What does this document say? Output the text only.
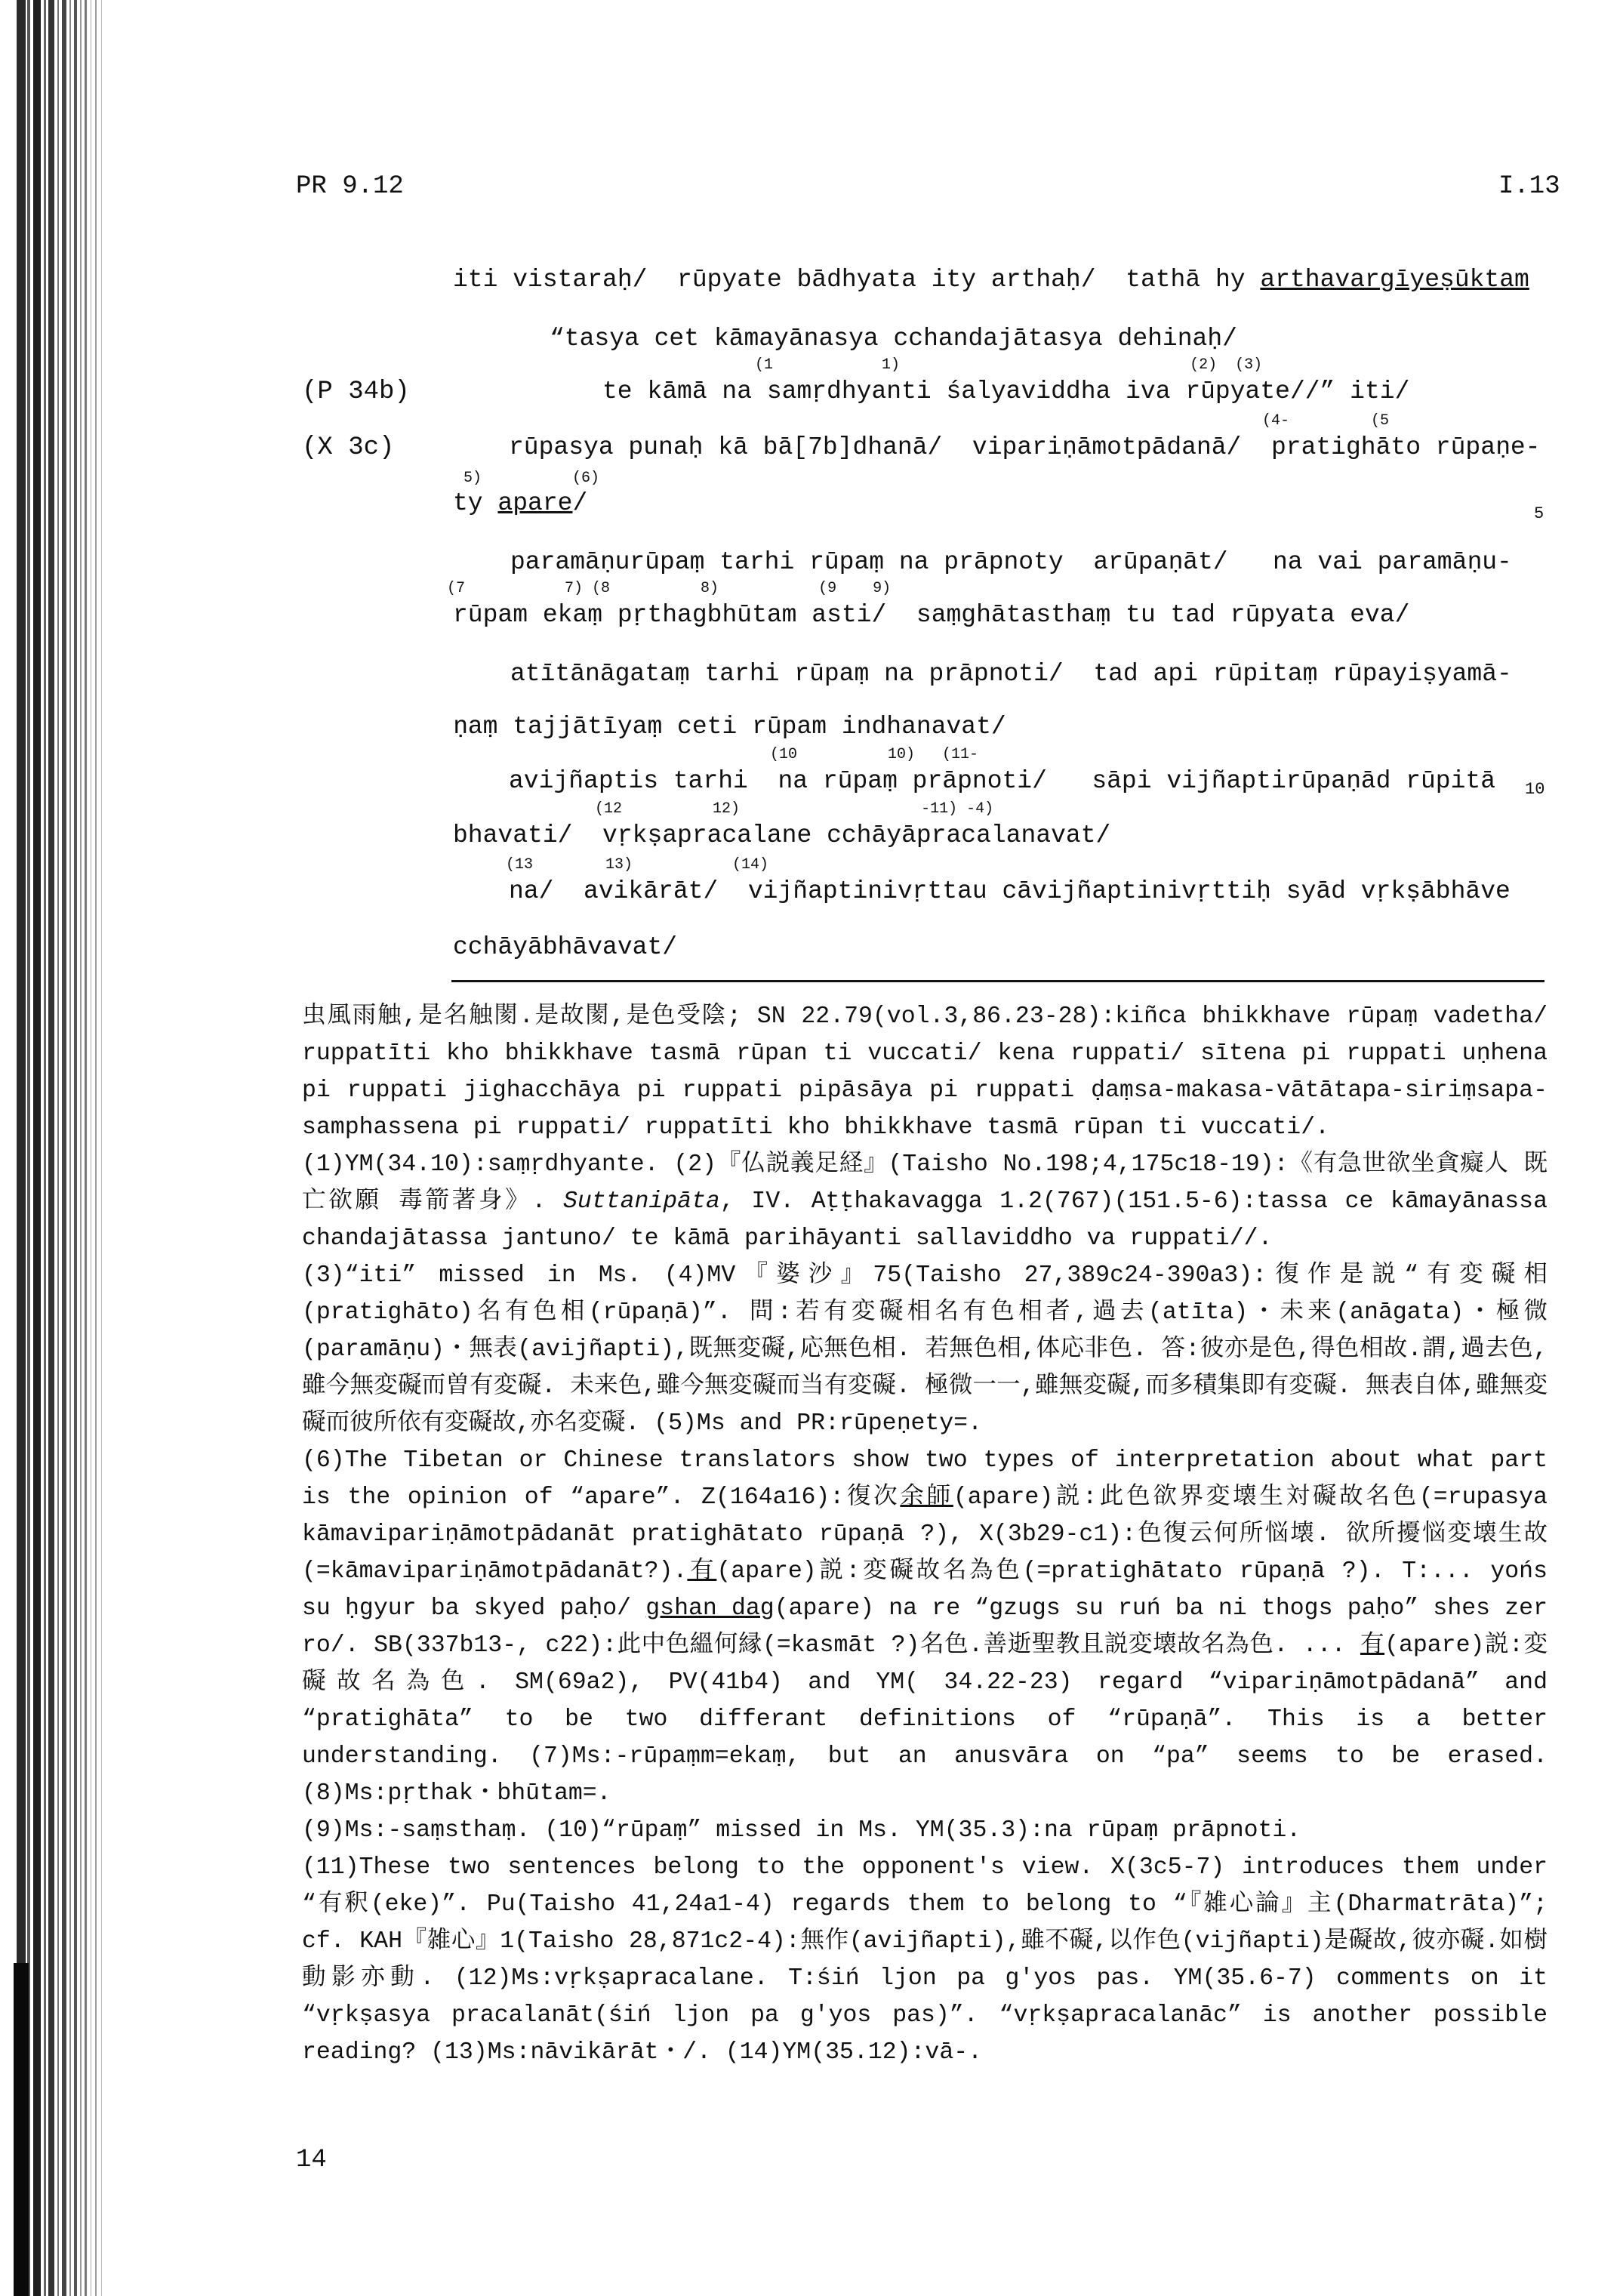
PR 9.12	I.13
(P 34b)
(X 3c)
5
10
iti vistaraḥ/  rūpyate bādhyata ity arthaḥ/  tathā hy arthavargīyeṣūktam
“tasya cet kāmayānasya cchandajātasya dehinaḥ/
(1            1)                                (2)  (3)
te kāmā na samṛdhyanti śalyaviddha iva rūpyate//” iti/
(4-         (5
rūpasya punaḥ kā bā[7b]dhanā/  vipariṇāmotpādanā/  pratighāto rūpaṇe-
5)          (6)
ty apare/
paramāṇurūpaṃ tarhi rūpaṃ na prāpnoty  arūpaṇāt/   na vai paramāṇu-
(7           7) (8          8)           (9    9)
rūpam ekaṃ pṛthagbhūtam asti/  saṃghātasthaṃ tu tad rūpyata eva/
atītānāgataṃ tarhi rūpaṃ na prāpnoti/  tad api rūpitaṃ rūpayiṣyamā-
ṇaṃ tajjātīyaṃ ceti rūpam indhanavat/
(10          10)   (11-
avijñaptis tarhi  na rūpaṃ prāpnoti/   sāpi vijñaptirūpaṇād rūpitā
(12          12)                    -11) -4)
bhavati/  vṛkṣapracalane cchāyāpracalanavat/
(13        13)           (14)
na/  avikārāt/  vijñaptinivṛttau cāvijñaptinivṛttiḥ syād vṛkṣābhāve
cchāyābhāvavat/

虫風雨触,是名触閡.是故閡,是色受陰; SN 22.79(vol.3,86.23-28):kiñca bhikkhave rūpaṃ vadetha/ ruppatīti kho bhikkhave tasmā rūpan ti vuccati/ kena ruppati/ sītena pi ruppati uṇhena pi ruppati jighacchāya pi ruppati pipāsāya pi ruppati ḍaṃsa-makasa-vātātapa-siriṃsapa-samphassena pi ruppati/ ruppatīti kho bhikkhave tasmā rūpan ti vuccati/.

(1)YM(34.10):saṃṛdhyante. (2)『仏説義足経』(Taisho No.198;4,175c18-19):《有急世欲坐貪癡人 既亡欲願 毒箭著身》. Suttanipāta, IV. Aṭṭhakavagga 1.2(767)(151.5-6):tassa ce kāmayānassa chandajātassa jantuno/ te kāmā parihāyanti sallaviddho va ruppati//.

(3)“iti” missed in Ms. (4)MV『婆沙』75(Taisho 27,389c24-390a3):復作是説“有変礙相(pratighāto)名有色相(rūpaṇā)”. 問:若有変礙相名有色相者,過去(atīta)・未来(anāgata)・極微(paramāṇu)・無表(avijñapti),既無変礙,応無色相. 若無色相,体応非色. 答:彼亦是色,得色相故.謂,過去色,雖今無変礙而曽有変礙. 未来色,雖今無変礙而当有変礙. 極微一一,雖無変礙,而多積集即有変礙. 無表自体,雖無変礙而彼所依有変礙故,亦名変礙. (5)Ms and PR:rūpeṇety=.

(6)The Tibetan or Chinese translators show two types of interpretation about what part is the opinion of “apare”. Z(164a16):復次余師(apare)説:此色欲界変壊生対礙故名色(=rupasya kāmavipariṇāmotpādanāt pratighātato rūpaṇā ?), X(3b29-c1):色復云何所悩壊. 欲所擾悩変壊生故(=kāmavipariṇāmotpādanāt?).有(apare)説:変礙故名為色(=pratighātato rūpaṇā ?). T:... yońs su ḥgyur ba skyed paḥo/ gshan dag(apare) na re “gzugs su ruń ba ni thogs paḥo” shes zer ro/. SB(337b13-, c22):此中色縕何縁(=kasmāt ?)名色.善逝聖教且説変壊故名為色. ... 有(apare)説:変礙故名為色. SM(69a2), PV(41b4) and YM( 34.22-23) regard “vipariṇāmotpādanā” and “pratighāta” to be two differant definitions of “rūpaṇā”. This is a better understanding. (7)Ms:-rūpaṃm=ekaṃ, but an anusvāra on “pa” seems to be erased. (8)Ms:pṛthak・bhūtam=.

(9)Ms:-saṃsthaṃ. (10)“rūpaṃ” missed in Ms. YM(35.3):na rūpaṃ prāpnoti.

(11)These two sentences belong to the opponent's view. X(3c5-7) introduces them under “有釈(eke)”. Pu(Taisho 41,24a1-4) regards them to belong to “『雑心論』主(Dharmatrāta)”; cf. KAH『雑心』1(Taisho 28,871c2-4):無作(avijñapti),雖不礙,以作色(vijñapti)是礙故,彼亦礙.如樹動影亦動. (12)Ms:vṛkṣapracalane. T:śiń ljon pa g'yos pas. YM(35.6-7) comments on it “vṛkṣasya pracalanāt(śiń ljon pa g'yos pas)”. “vṛkṣapracalanāc” is another possible reading? (13)Ms:nāvikārāt・/. (14)YM(35.12):vā-.

14
